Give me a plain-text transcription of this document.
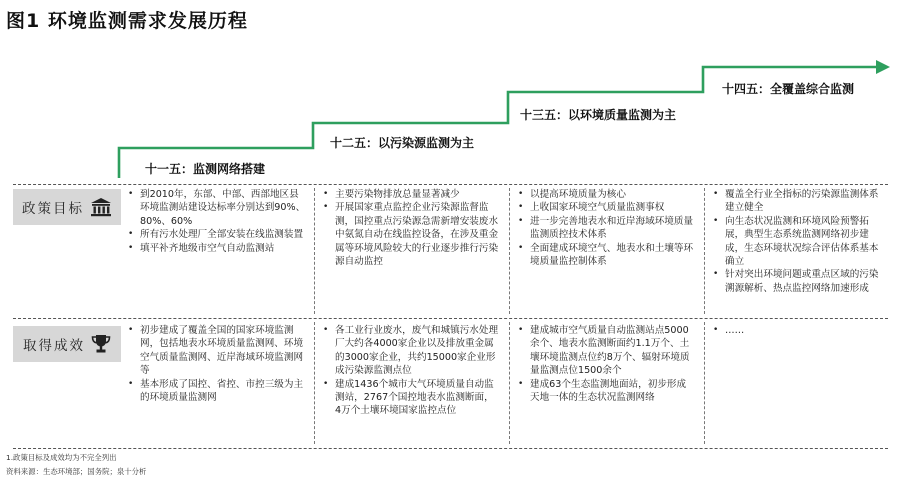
图1 环境监测需求发展历程
十一五：监测网络搭建
十二五：以污染源监测为主
十三五：以环境质量监测为主
十四五：全覆盖综合监测
政策目标
取得成效
• 到2010年，东部、中部、西部地区县环境监测站建设达标率分别达到90%、80%、60%
• 所有污水处理厂全部安装在线监测装置
• 填平补齐地级市空气自动监测站
• 主要污染物排放总量显著减少
• 开展国家重点监控企业污染源监督监测，国控重点污染源急需新增安装废水中氨氮自动在线监控设备，在涉及重金属等环境风险较大的行业逐步推行污染源自动监控
• 以提高环境质量为核心
• 上收国家环境空气质量监测事权
• 进一步完善地表水和近岸海域环境质量监测质控技术体系
• 全面建成环境空气、地表水和土壤等环境质量监控制体系
• 覆盖全行业全指标的污染源监测体系建立健全
• 向生态状况监测和环境风险预警拓展，典型生态系统监测网络初步建成，生态环境状况综合评估体系基本确立
• 针对突出环境问题或重点区域的污染溯源解析、热点监控网络加速形成
• 初步建成了覆盖全国的国家环境监测网，包括地表水环境质量监测网、环境空气质量监测网、近岸海域环境监测网等
• 基本形成了国控、省控、市控三级为主的环境质量监测网
• 各工业行业废水，废气和城镇污水处理厂大约各4000家企业以及排放重金属的3000家企业，共约15000家企业形成污染源监测点位
• 建成1436个城市大气环境质量自动监测站，2767个国控地表水监测断面，4万个土壤环境国家监控点位
• 建成城市空气质量自动监测站点5000余个、地表水监测断面约1.1万个、土壤环境监测点位约8万个、辐射环境质量监测点位1500余个
• 建成63个生态监测地面站，初步形成天地一体的生态状况监测网络
• ……
1.政策目标及成效均为不完全列出
资料来源：生态环境部；国务院；泉十分析
